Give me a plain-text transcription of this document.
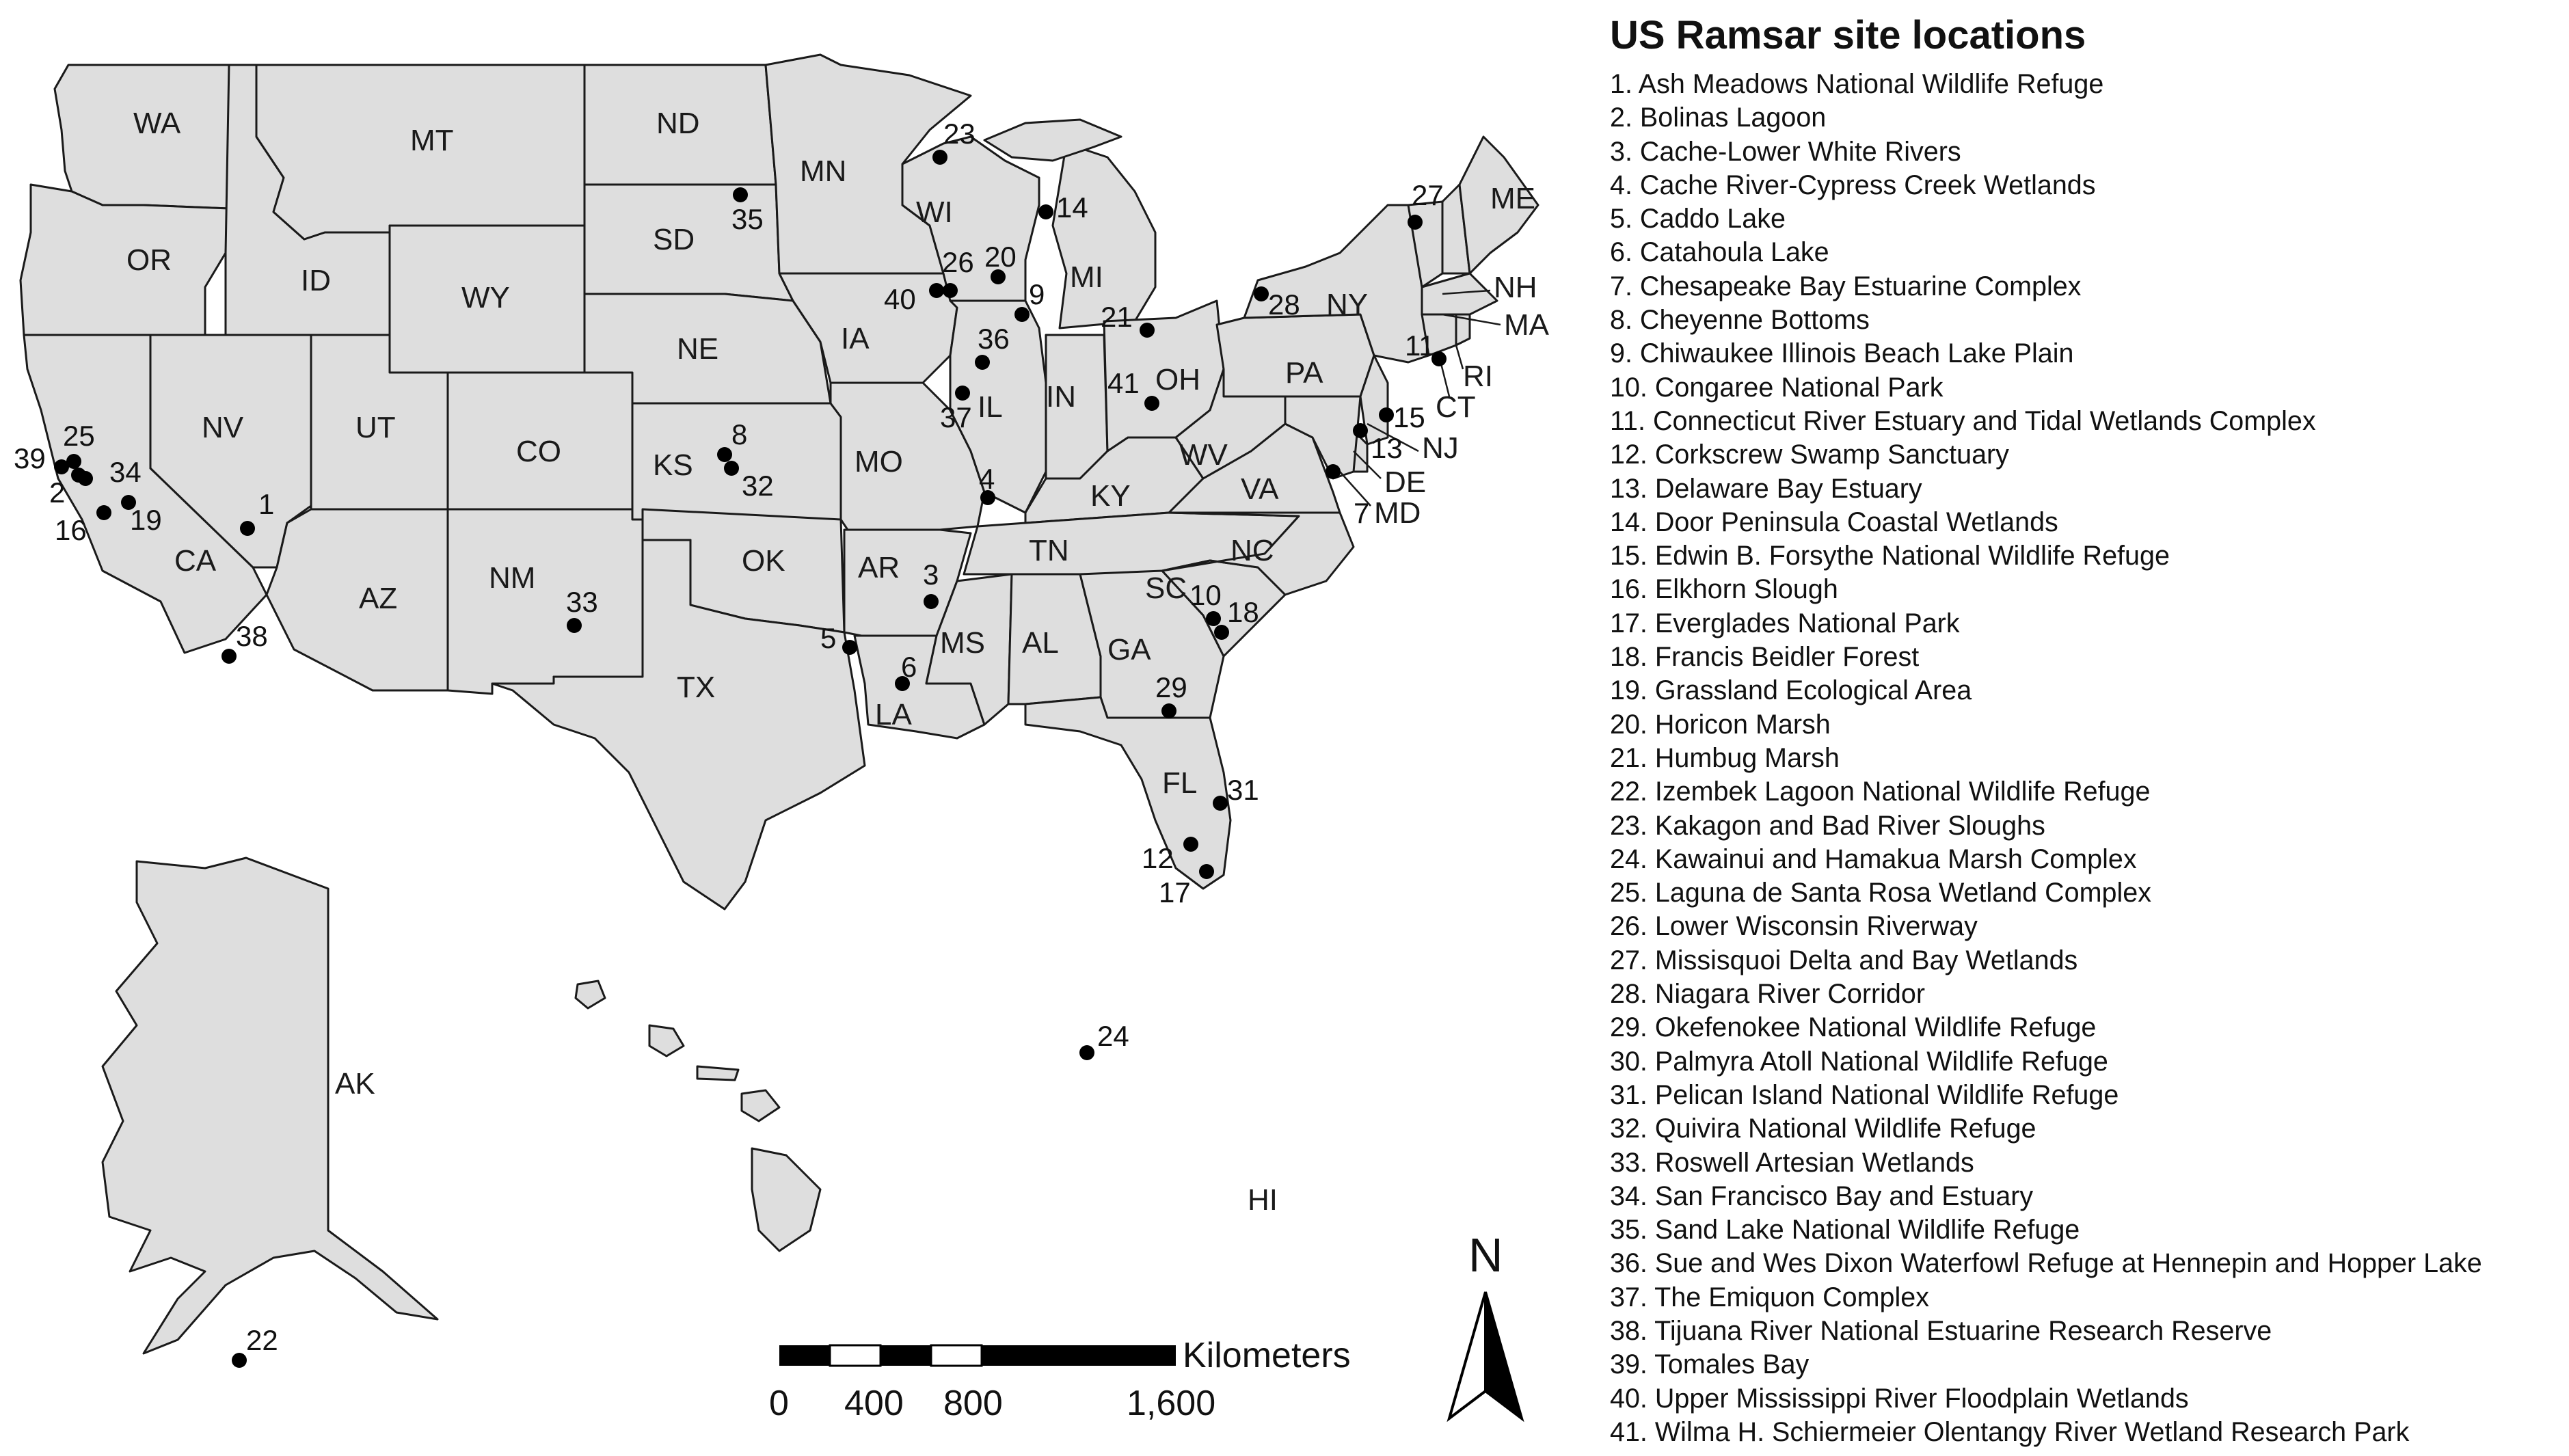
WA
OR
CA
NV
ID
MT
WY
UT
AZ
CO
NM
ND
SD
NE
KS
OK
TX
MN
IA
MO
AR
LA
WI
IL
MI
IN
OH
KY
TN
MS AL GA
FL
SC
NC
VA
WV
PA
NY
ME
NH
MA
CT
RI
NJ
DE
MD
AK
HI
1
2
3
4
5
6
7
8
9
10
11
12
13
14
15
16
17
18
19
20
21
22
23
24
25
26
27
28
29
31
32
33
34
35
36
37
38
39
40
41
Kilometers
0 400 800	1,600
N
US Ramsar site locations
1. Ash Meadows National Wildlife Refuge
2. Bolinas Lagoon
3. Cache-Lower White Rivers
4. Cache River-Cypress Creek Wetlands
5. Caddo Lake
6. Catahoula Lake
7. Chesapeake Bay Estuarine Complex
8. Cheyenne Bottoms
9. Chiwaukee Illinois Beach Lake Plain
10. Congaree National Park
11. Connecticut River Estuary and Tidal Wetlands Complex
12. Corkscrew Swamp Sanctuary
13. Delaware Bay Estuary
14. Door Peninsula Coastal Wetlands
15. Edwin B. Forsythe National Wildlife Refuge
16. Elkhorn Slough
17. Everglades National Park
18. Francis Beidler Forest
19. Grassland Ecological Area
20. Horicon Marsh
21. Humbug Marsh
22. Izembek Lagoon National Wildlife Refuge
23. Kakagon and Bad River Sloughs
24. Kawainui and Hamakua Marsh Complex
25. Laguna de Santa Rosa Wetland Complex
26. Lower Wisconsin Riverway
27. Missisquoi Delta and Bay Wetlands
28. Niagara River Corridor
29. Okefenokee National Wildlife Refuge
30. Palmyra Atoll National Wildlife Refuge
31. Pelican Island National Wildlife Refuge
32. Quivira National Wildlife Refuge
33. Roswell Artesian Wetlands
34. San Francisco Bay and Estuary
35. Sand Lake National Wildlife Refuge
36. Sue and Wes Dixon Waterfowl Refuge at Hennepin and Hopper Lake
37. The Emiquon Complex
38. Tijuana River National Estuarine Research Reserve
39. Tomales Bay
40. Upper Mississippi River Floodplain Wetlands
41. Wilma H. Schiermeier Olentangy River Wetland Research Park
